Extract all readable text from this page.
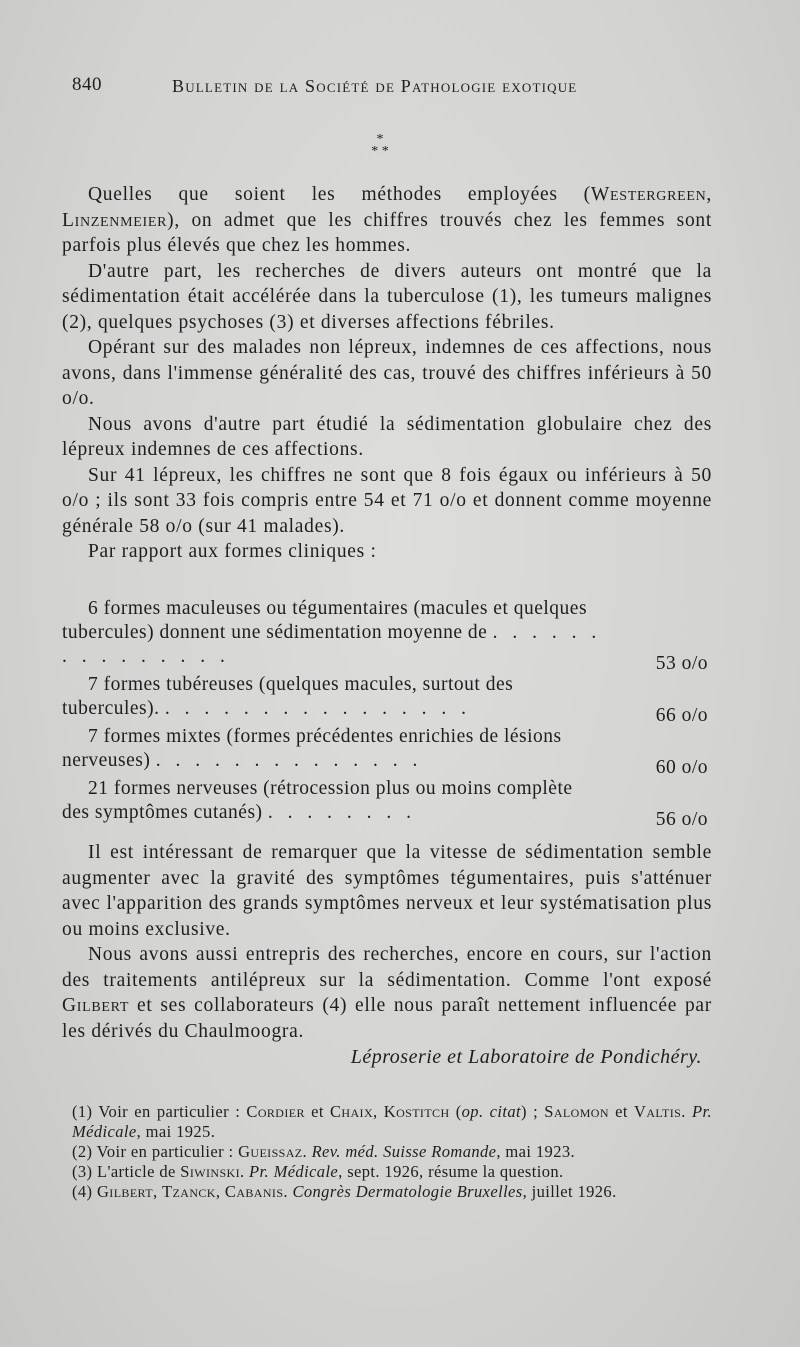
840	Bulletin de la Société de Pathologie exotique
*
* *

Quelles que soient les méthodes employées (Westergreen, Linzenmeier), on admet que les chiffres trouvés chez les femmes sont parfois plus élevés que chez les hommes.

D'autre part, les recherches de divers auteurs ont montré que la sédimentation était accélérée dans la tuberculose (1), les tumeurs malignes (2), quelques psychoses (3) et diverses affections fébriles.

Opérant sur des malades non lépreux, indemnes de ces affections, nous avons, dans l'immense généralité des cas, trouvé des chiffres inférieurs à 50 o/o.

Nous avons d'autre part étudié la sédimentation globulaire chez des lépreux indemnes de ces affections.

Sur 41 lépreux, les chiffres ne sont que 8 fois égaux ou inférieurs à 50 o/o ; ils sont 33 fois compris entre 54 et 71 o/o et donnent comme moyenne générale 58 o/o (sur 41 malades).

Par rapport aux formes cliniques :

6 formes maculeuses ou tégumentaires (macules et quelques tubercules) donnent une sédimentation moyenne de . . . . . . . . . . . . . . .	53 o/o
7 formes tubéreuses (quelques macules, surtout des tubercules). . . . . . . . . . . . . . . . .	66 o/o
7 formes mixtes (formes précédentes enrichies de lésions nerveuses) . . . . . . . . . . . . . .	60 o/o
21 formes nerveuses (rétrocession plus ou moins complète des symptômes cutanés) . . . . . . . .	56 o/o

Il est intéressant de remarquer que la vitesse de sédimentation semble augmenter avec la gravité des symptômes tégumentaires, puis s'atténuer avec l'apparition des grands symptômes nerveux et leur systématisation plus ou moins exclusive.

Nous avons aussi entrepris des recherches, encore en cours, sur l'action des traitements antilépreux sur la sédimentation. Comme l'ont exposé Gilbert et ses collaborateurs (4) elle nous paraît nettement influencée par les dérivés du Chaulmoogra.

Léproserie et Laboratoire de Pondichéry.

(1) Voir en particulier : Cordier et Chaix, Kostitch (op. citat) ; Salomon et Valtis. Pr. Médicale, mai 1925.

(2) Voir en particulier : Gueissaz. Rev. méd. Suisse Romande, mai 1923.

(3) L'article de Siwinski. Pr. Médicale, sept. 1926, résume la question.

(4) Gilbert, Tzanck, Cabanis. Congrès Dermatologie Bruxelles, juillet 1926.
